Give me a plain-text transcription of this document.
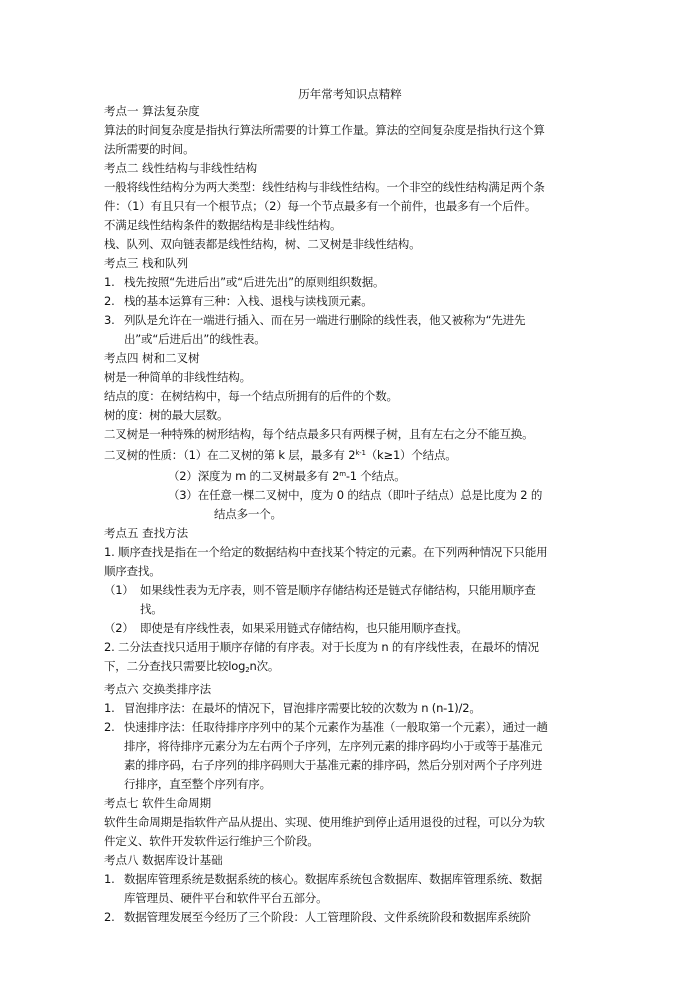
历年常考知识点精粹
考点一 算法复杂度
算法的时间复杂度是指执行算法所需要的计算工作量。算法的空间复杂度是指执行这个算
法所需要的时间。
考点二 线性结构与非线性结构
一般将线性结构分为两大类型：线性结构与非线性结构。一个非空的线性结构满足两个条
件：（1）有且只有一个根节点；（2）每一个节点最多有一个前件，也最多有一个后件。
不满足线性结构条件的数据结构是非线性结构。
栈、队列、双向链表都是线性结构，树、二叉树是非线性结构。
考点三 栈和队列
1. 栈先按照“先进后出”或“后进先出”的原则组织数据。
2. 栈的基本运算有三种：入栈、退栈与读栈顶元素。
3. 列队是允许在一端进行插入、而在另一端进行删除的线性表，他又被称为“先进先
出”或“后进后出”的线性表。
考点四 树和二叉树
树是一种简单的非线性结构。
结点的度：在树结构中，每一个结点所拥有的后件的个数。
树的度：树的最大层数。
二叉树是一种特殊的树形结构，每个结点最多只有两棵子树，且有左右之分不能互换。
二叉树的性质：（1）在二叉树的第 k 层，最多有 $2^{k-1}(k\ge 1)$个结点。
（2）深度为 m 的二叉树最多有 2$^m$-1 个结点。
（3）在任意一棵二叉树中，度为 0 的结点（即叶子结点）总是比度为 2 的
结点多一个。
考点五 查找方法
1. 顺序查找是指在一个给定的数据结构中查找某个特定的元素。在下列两种情况下只能用
顺序查找。
（1） 如果线性表为无序表，则不管是顺序存储结构还是链式存储结构，只能用顺序查
找。
（2） 即使是有序线性表，如果采用链式存储结构，也只能用顺序查找。
2. 二分法查找只适用于顺序存储的有序表。对于长度为 n 的有序线性表，在最坏的情况
下，二分查找只需要比较$\log_2n$次。
考点六 交换类排序法
1. 冒泡排序法：在最坏的情况下，冒泡排序需要比较的次数为 n (n-1)/2。
2. 快速排序法：任取待排序序列中的某个元素作为基准（一般取第一个元素），通过一趟
排序，将待排序元素分为左右两个子序列，左序列元素的排序码均小于或等于基准元
素的排序码，右子序列的排序码则大于基准元素的排序码，然后分别对两个子序列进
行排序，直至整个序列有序。
考点七 软件生命周期
软件生命周期是指软件产品从提出、实现、使用维护到停止适用退役的过程，可以分为软
件定义、软件开发软件运行维护三个阶段。
考点八 数据库设计基础
1. 数据库管理系统是数据系统的核心。数据库系统包含数据库、数据库管理系统、数据
库管理员、硬件平台和软件平台五部分。
2. 数据管理发展至今经历了三个阶段：人工管理阶段、文件系统阶段和数据库系统阶
